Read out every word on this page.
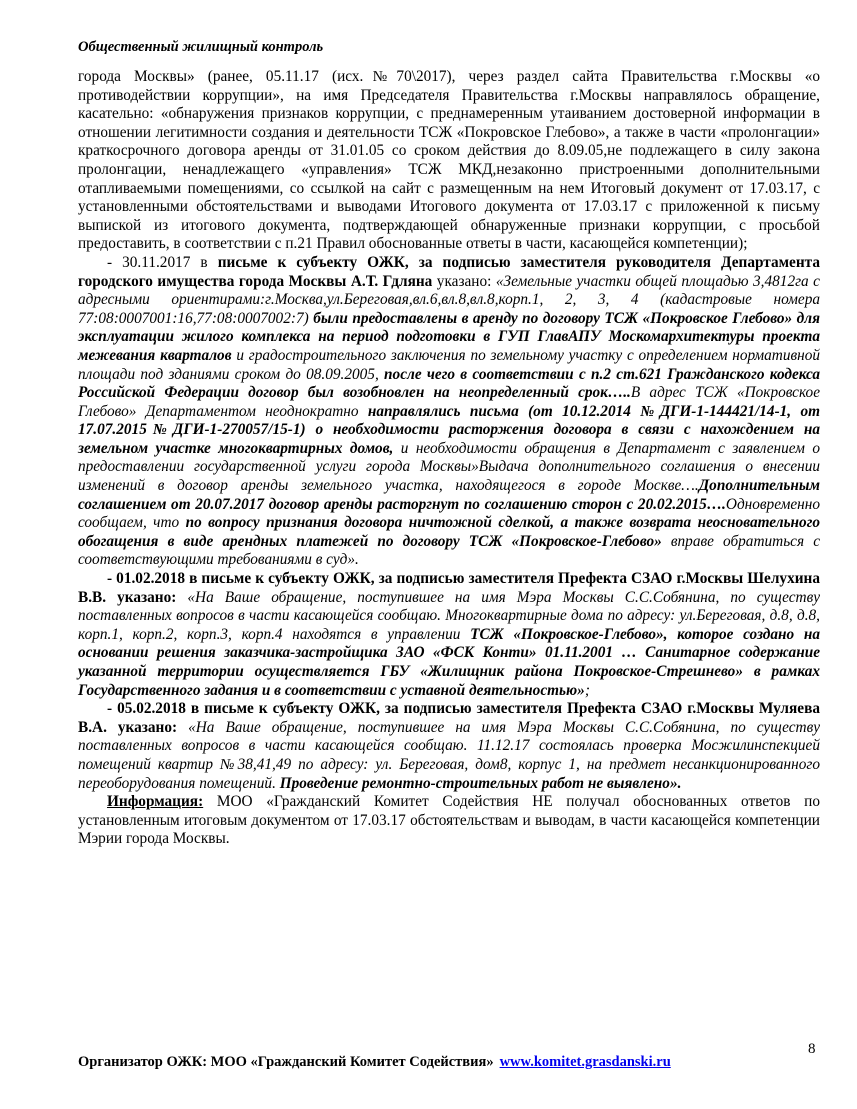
Общественный жилищный контроль

города Москвы» (ранее, 05.11.17 (исх.№70\2017), через раздел сайта Правительства г.Москвы «о противодействии коррупции», на имя Председателя Правительства г.Москвы направлялось обращение, касательно: «обнаружения признаков коррупции, с преднамеренным утаиванием достоверной информации в отношении легитимности создания и деятельности ТСЖ «Покровское Глебово», а также в части «пролонгации» краткосрочного договора аренды от 31.01.05 со сроком действия до 8.09.05,не подлежащего в силу закона пролонгации, ненадлежащего «управления» ТСЖ МКД,незаконно пристроенными дополнительными отапливаемыми помещениями, со ссылкой на сайт с размещенным на нем Итоговый документ от 17.03.17, с установленными обстоятельствами и выводами Итогового документа от 17.03.17 с приложенной к письму выпиской из итогового документа, подтверждающей обнаруженные признаки коррупции, с просьбой предоставить, в соответствии с п.21 Правил обоснованные ответы в части, касающейся компетенции);

- 30.11.2017 в письме к субъекту ОЖК, за подписью заместителя руководителя Департамента городского имущества города Москвы А.Т. Гдляна указано: «Земельные участки общей площадью 3,4812га с адресными ориентирами:г.Москва,ул.Береговая,вл.6,вл.8,вл.8,корп.1, 2, 3, 4 (кадастровые номера 77:08:0007001:16,77:08:0007002:7) были предоставлены в аренду по договору ТСЖ «Покровское Глебово» для эксплуатации жилого комплекса на период подготовки в ГУП ГлавАПУ Москомархитектуры проекта межевания кварталов и градостроительного заключения по земельному участку с определением нормативной площади под зданиями сроком до 08.09.2005, после чего в соответствии с п.2 ст.621 Гражданского кодекса Российской Федерации договор был возобновлен на неопределенный срок…..В адрес ТСЖ «Покровское Глебово» Департаментом неоднократно направлялись письма (от 10.12.2014 №ДГИ-1-144421/14-1, от 17.07.2015№ДГИ-1-270057/15-1) о необходимости расторжения договора в связи с нахождением на земельном участке многоквартирных домов, и необходимости обращения в Департамент с заявлением о предоставлении государственной услуги города Москвы»Выдача дополнительного соглашения о внесении изменений в договор аренды земельного участка, находящегося в городе Москве….Дополнительным соглашением от 20.07.2017 договор аренды расторгнут по соглашению сторон с 20.02.2015….Одновременно сообщаем, что по вопросу признания договора ничтожной сделкой, а также возврата неосновательного обогащения в виде арендных платежей по договору ТСЖ «Покровское-Глебово» вправе обратиться с соответствующими требованиями в суд».

- 01.02.2018 в письме к субъекту ОЖК, за подписью заместителя Префекта СЗАО г.Москвы Шелухина В.В. указано: «На Ваше обращение, поступившее на имя Мэра Москвы С.С.Собянина, по существу поставленных вопросов в части касающейся сообщаю. Многоквартирные дома по адресу: ул.Береговая, д.8, д.8, корп.1, корп.2, корп.3, корп.4 находятся в управлении ТСЖ «Покровское-Глебово», которое создано на основании решения заказчика-застройщика ЗАО «ФСК Конти» 01.11.2001 … Санитарное содержание указанной территории осуществляется ГБУ «Жилищник района Покровское-Стрешнево» в рамках Государственного задания и в соответствии с уставной деятельностью»;

- 05.02.2018 в письме к субъекту ОЖК, за подписью заместителя Префекта СЗАО г.Москвы Муляева В.А. указано: «На Ваше обращение, поступившее на имя Мэра Москвы С.С.Собянина, по существу поставленных вопросов в части касающейся сообщаю. 11.12.17 состоялась проверка Мосжилинспекцией помещений квартир №38,41,49 по адресу: ул. Береговая, дом8, корпус 1, на предмет несанкционированного переоборудования помещений. Проведение ремонтно-строительных работ не выявлено».

Информация: МОО «Гражданский Комитет Содействия НЕ получал обоснованных ответов по установленным итоговым документом от 17.03.17 обстоятельствам и выводам, в части касающейся компетенции Мэрии города Москвы.

8
Организатор ОЖК: МОО «Гражданский Комитет Содействия» www.komitet.grasdanski.ru
